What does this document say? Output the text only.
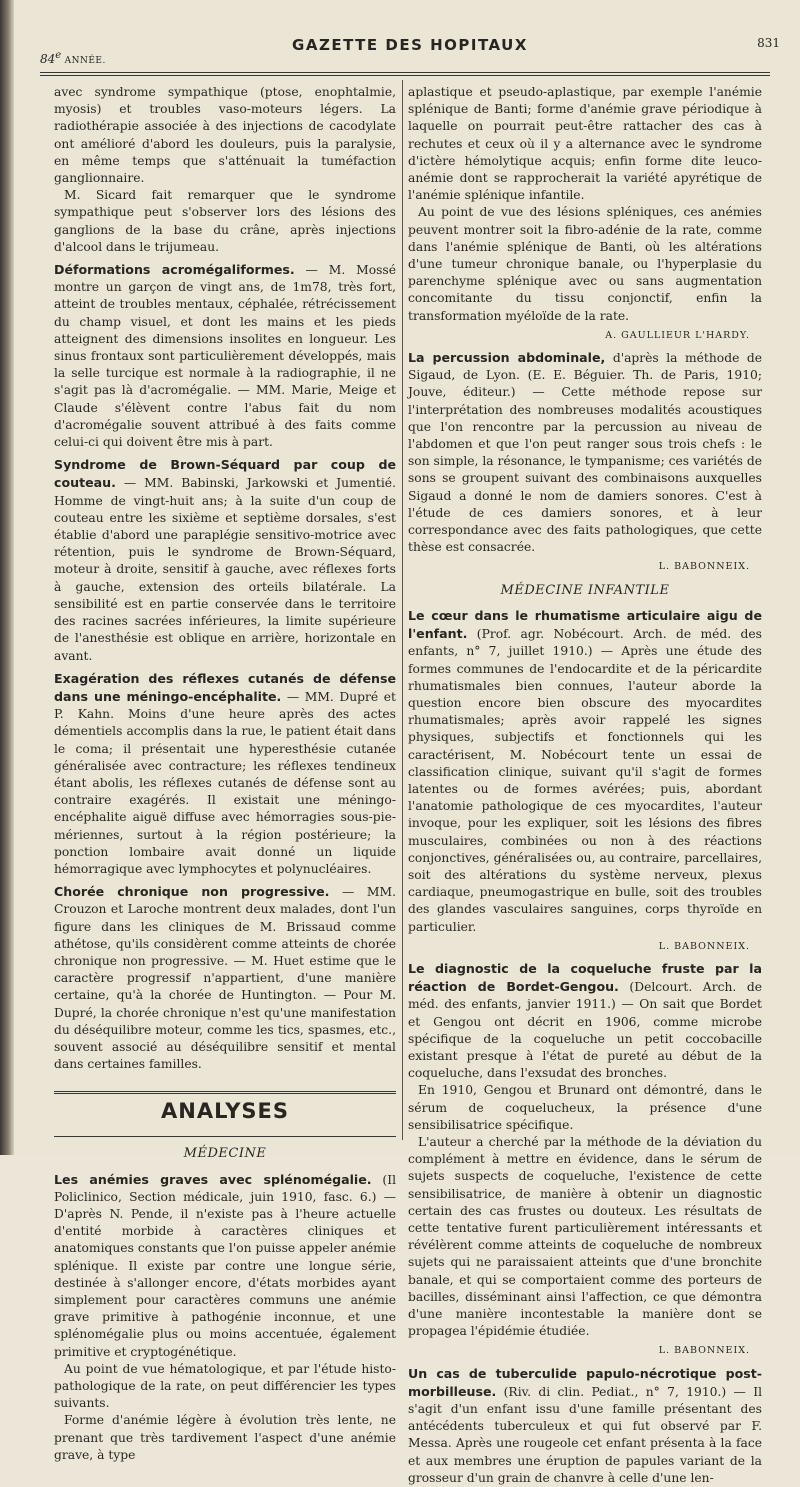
84e ANNÉE.
GAZETTE DES HOPITAUX	831

avec syndrome sympathique (ptose, enophtalmie, myosis) et troubles vaso-moteurs légers. La radiothérapie associée à des injections de cacodylate ont amélioré d'abord les douleurs, puis la paralysie, en même temps que s'atténuait la tuméfaction ganglionnaire.

M. Sicard fait remarquer que le syndrome sympathique peut s'observer lors des lésions des ganglions de la base du crâne, après injections d'alcool dans le trijumeau.

Déformations acromégaliformes. — M. Mossé montre un garçon de vingt ans, de 1m78, très fort, atteint de troubles mentaux, céphalée, rétrécissement du champ visuel, et dont les mains et les pieds atteignent des dimensions insolites en longueur. Les sinus frontaux sont particulièrement développés, mais la selle turcique est normale à la radiographie, il ne s'agit pas là d'acromégalie. — MM. Marie, Meige et Claude s'élèvent contre l'abus fait du nom d'acromégalie souvent attribué à des faits comme celui-ci qui doivent être mis à part.

Syndrome de Brown-Séquard par coup de couteau. — MM. Babinski, Jarkowski et Jumentié. Homme de vingt-huit ans; à la suite d'un coup de couteau entre les sixième et septième dorsales, s'est établie d'abord une paraplégie sensitivo-motrice avec rétention, puis le syndrome de Brown-Séquard, moteur à droite, sensitif à gauche, avec réflexes forts à gauche, extension des orteils bilatérale. La sensibilité est en partie conservée dans le territoire des racines sacrées inférieures, la limite supérieure de l'anesthésie est oblique en arrière, horizontale en avant.

Exagération des réflexes cutanés de défense dans une méningo-encéphalite. — MM. Dupré et P. Kahn. Moins d'une heure après des actes démentiels accomplis dans la rue, le patient était dans le coma; il présentait une hyperesthésie cutanée généralisée avec contracture; les réflexes tendineux étant abolis, les réflexes cutanés de défense sont au contraire exagérés. Il existait une méningo-encéphalite aiguë diffuse avec hémorragies sous-pie-mériennes, surtout à la région postérieure; la ponction lombaire avait donné un liquide hémorragique avec lymphocytes et polynucléaires.

Chorée chronique non progressive. — MM. Crouzon et Laroche montrent deux malades, dont l'un figure dans les cliniques de M. Brissaud comme athétose, qu'ils considèrent comme atteints de chorée chronique non progressive. — M. Huet estime que le caractère progressif n'appartient, d'une manière certaine, qu'à la chorée de Huntington. — Pour M. Dupré, la chorée chronique n'est qu'une manifestation du déséquilibre moteur, comme les tics, spasmes, etc., souvent associé au déséquilibre sensitif et mental dans certaines familles.

ANALYSES
MÉDECINE

Les anémies graves avec splénomégalie. (Il Policlinico, Section médicale, juin 1910, fasc. 6.) — D'après N. Pende, il n'existe pas à l'heure actuelle d'entité morbide à caractères cliniques et anatomiques constants que l'on puisse appeler anémie splénique. Il existe par contre une longue série, destinée à s'allonger encore, d'états morbides ayant simplement pour caractères communs une anémie grave primitive à pathogénie inconnue, et une splénomégalie plus ou moins accentuée, également primitive et cryptogénétique.

Au point de vue hématologique, et par l'étude histo-pathologique de la rate, on peut différencier les types suivants.

Forme d'anémie légère à évolution très lente, ne prenant que très tardivement l'aspect d'une anémie grave, à type

aplastique et pseudo-aplastique, par exemple l'anémie splénique de Banti; forme d'anémie grave périodique à laquelle on pourrait peut-être rattacher des cas à rechutes et ceux où il y a alternance avec le syndrome d'ictère hémolytique acquis; enfin forme dite leuco-anémie dont se rapprocherait la variété apyrétique de l'anémie splénique infantile.

Au point de vue des lésions spléniques, ces anémies peuvent montrer soit la fibro-adénie de la rate, comme dans l'anémie splénique de Banti, où les altérations d'une tumeur chronique banale, ou l'hyperplasie du parenchyme splénique avec ou sans augmentation concomitante du tissu conjonctif, enfin la transformation myéloïde de la rate.

A. GAULLIEUR L'HARDY.

La percussion abdominale, d'après la méthode de Sigaud, de Lyon. (E. E. Béguier. Th. de Paris, 1910; Jouve, éditeur.) — Cette méthode repose sur l'interprétation des nombreuses modalités acoustiques que l'on rencontre par la percussion au niveau de l'abdomen et que l'on peut ranger sous trois chefs : le son simple, la résonance, le tympanisme; ces variétés de sons se groupent suivant des combinaisons auxquelles Sigaud a donné le nom de damiers sonores. C'est à l'étude de ces damiers sonores, et à leur correspondance avec des faits pathologiques, que cette thèse est consacrée.

L. BABONNEIX.
MÉDECINE INFANTILE

Le cœur dans le rhumatisme articulaire aigu de l'enfant. (Prof. agr. Nobécourt. Arch. de méd. des enfants, n° 7, juillet 1910.) — Après une étude des formes communes de l'endocardite et de la péricardite rhumatismales bien connues, l'auteur aborde la question encore bien obscure des myocardites rhumatismales; après avoir rappelé les signes physiques, subjectifs et fonctionnels qui les caractérisent, M. Nobécourt tente un essai de classification clinique, suivant qu'il s'agit de formes latentes ou de formes avérées; puis, abordant l'anatomie pathologique de ces myocardites, l'auteur invoque, pour les expliquer, soit les lésions des fibres musculaires, combinées ou non à des réactions conjonctives, généralisées ou, au contraire, parcellaires, soit des altérations du système nerveux, plexus cardiaque, pneumogastrique en bulle, soit des troubles des glandes vasculaires sanguines, corps thyroïde en particulier.

L. BABONNEIX.

Le diagnostic de la coqueluche fruste par la réaction de Bordet-Gengou. (Delcourt. Arch. de méd. des enfants, janvier 1911.) — On sait que Bordet et Gengou ont décrit en 1906, comme microbe spécifique de la coqueluche un petit coccobacille existant presque à l'état de pureté au début de la coqueluche, dans l'exsudat des bronches.

En 1910, Gengou et Brunard ont démontré, dans le sérum de coquelucheux, la présence d'une sensibilisatrice spécifique.

L'auteur a cherché par la méthode de la déviation du complément à mettre en évidence, dans le sérum de sujets suspects de coqueluche, l'existence de cette sensibilisatrice, de manière à obtenir un diagnostic certain des cas frustes ou douteux. Les résultats de cette tentative furent particulièrement intéressants et révélèrent comme atteints de coqueluche de nombreux sujets qui ne paraissaient atteints que d'une bronchite banale, et qui se comportaient comme des porteurs de bacilles, disséminant ainsi l'affection, ce que démontra d'une manière incontestable la manière dont se propagea l'épidémie étudiée.

L. BABONNEIX.

Un cas de tuberculide papulo-nécrotique post-morbilleuse. (Riv. di clin. Pediat., n° 7, 1910.) — Il s'agit d'un enfant issu d'une famille présentant des antécédents tuberculeux et qui fut observé par F. Messa. Après une rougeole cet enfant présenta à la face et aux membres une éruption de papules variant de la grosseur d'un grain de chanvre à celle d'une len-
